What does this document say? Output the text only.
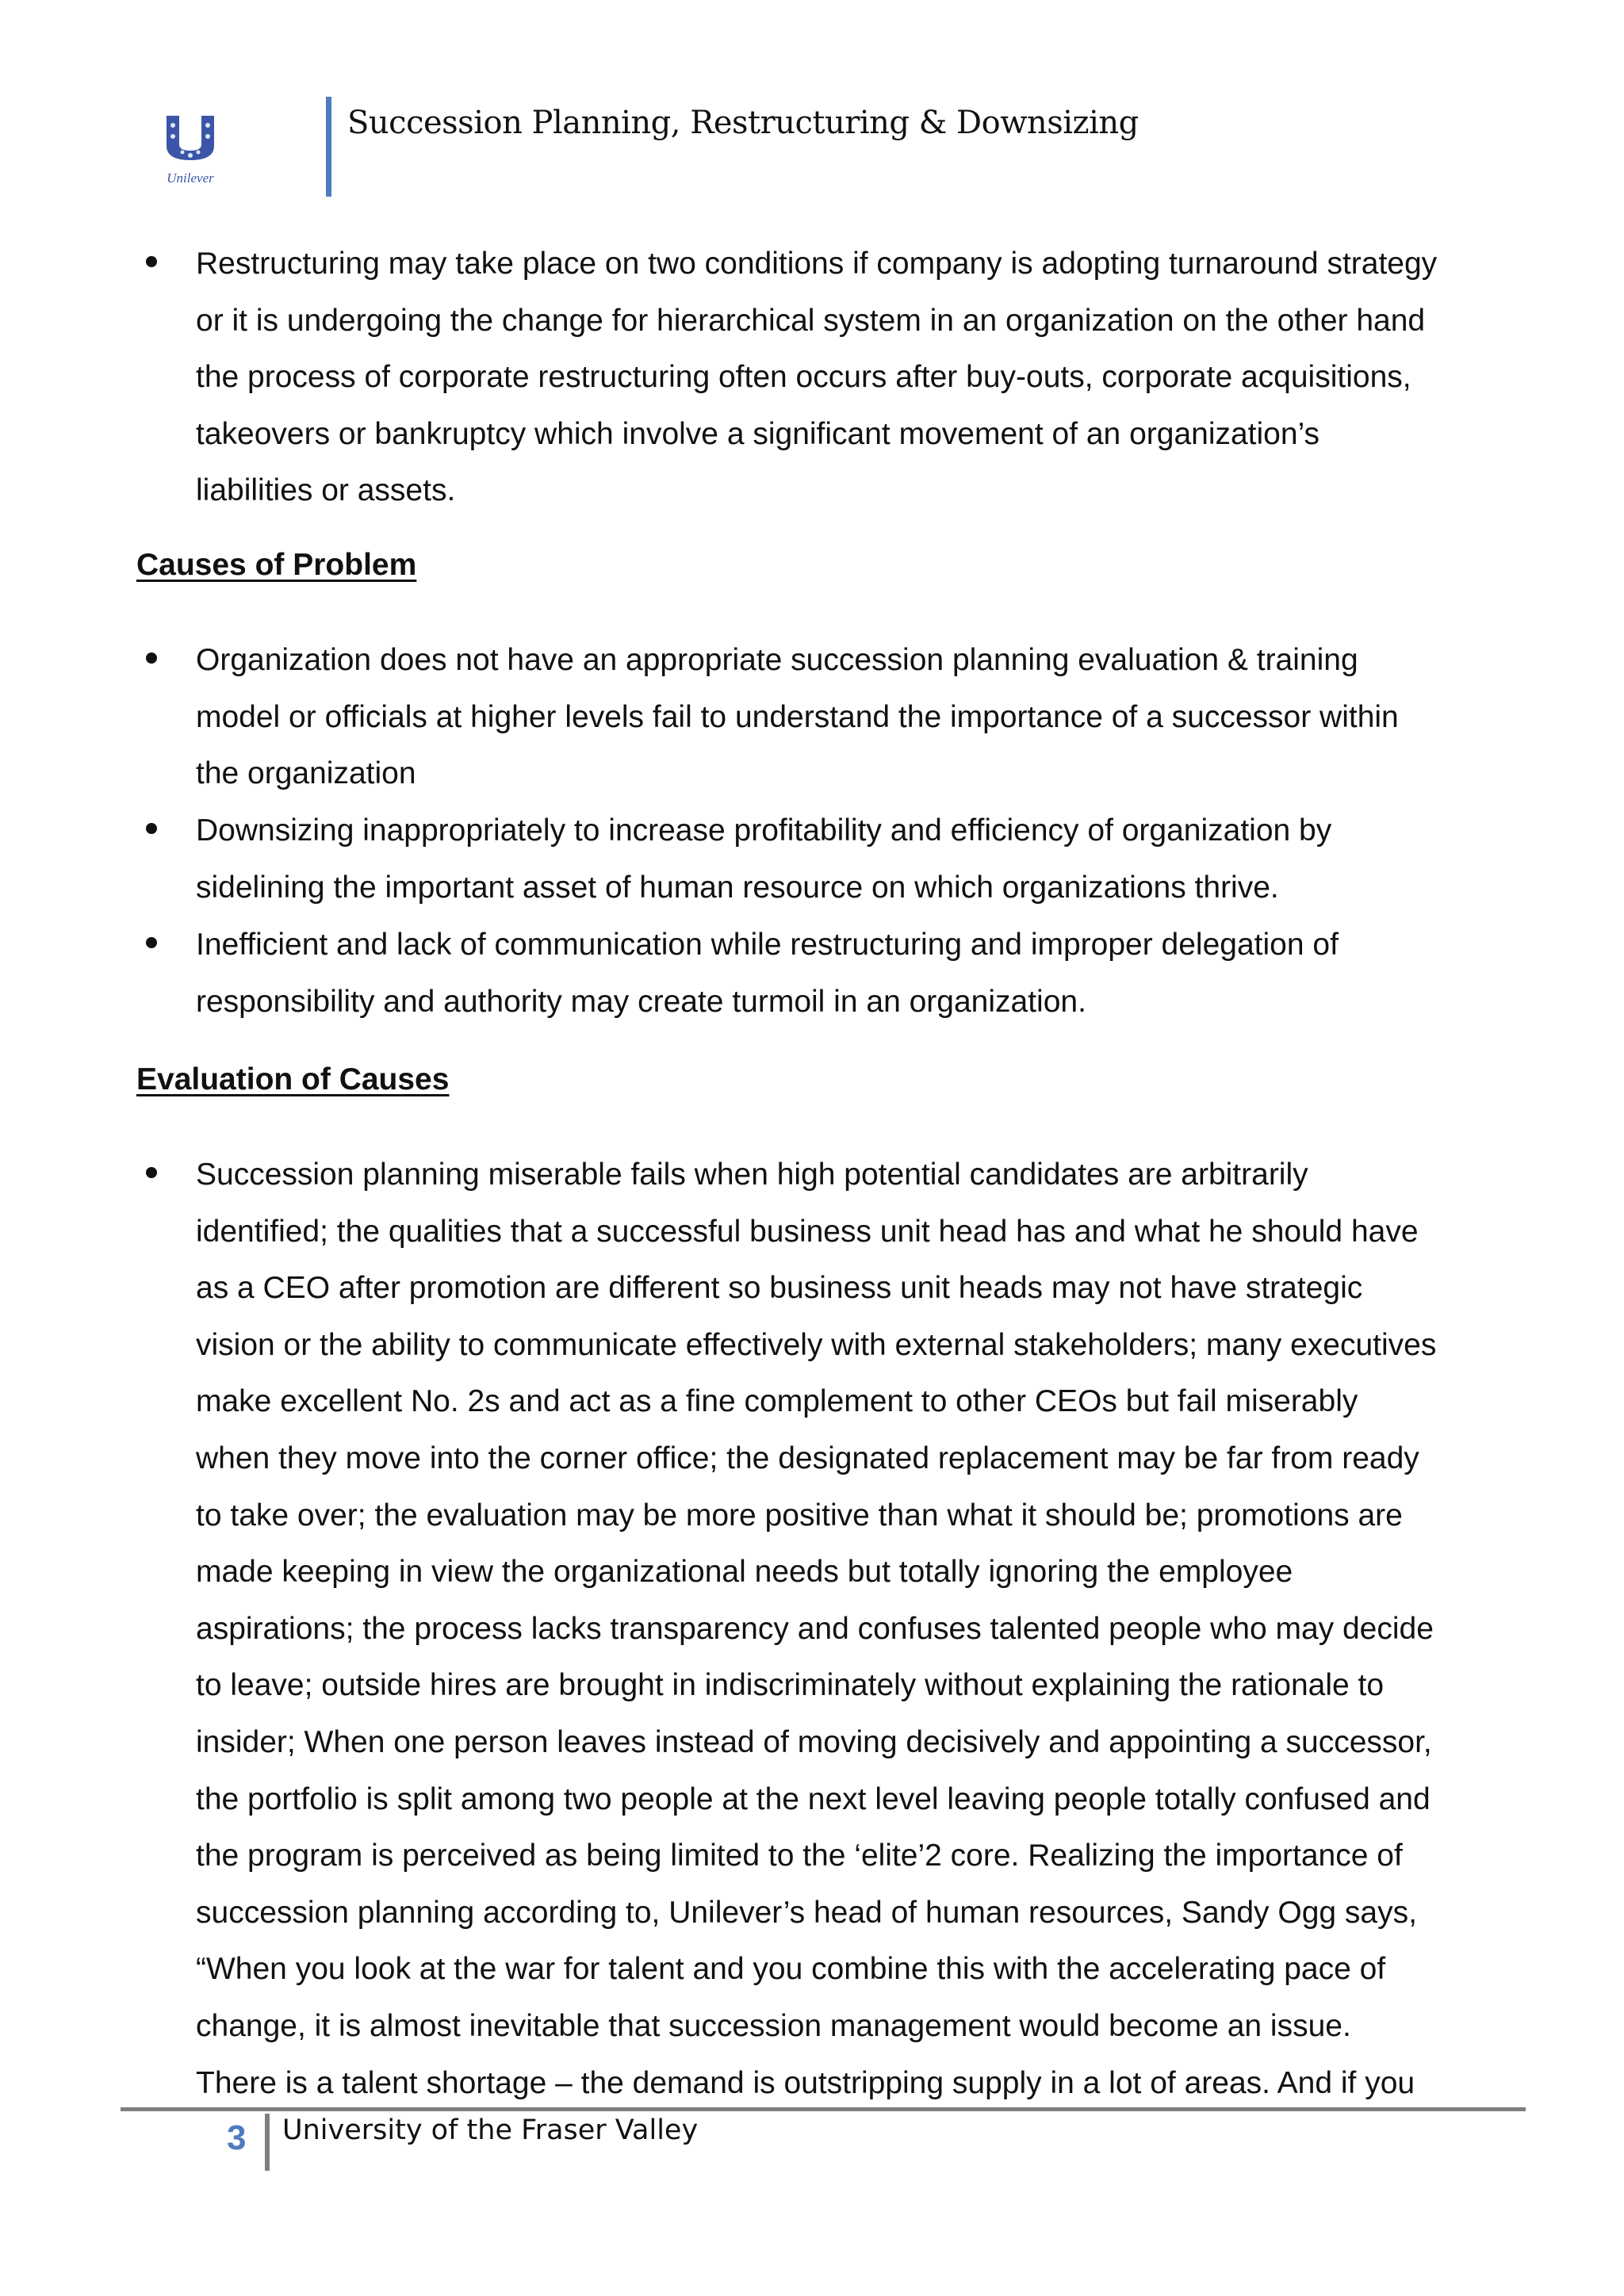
Unilever
Succession Planning, Restructuring & Downsizing
Restructuring may take place on two conditions if company is adopting turnaround strategy
or it is undergoing the change for hierarchical system in an organization on the other hand
the process of corporate restructuring often occurs after buy-outs, corporate acquisitions,
takeovers or bankruptcy which involve a significant movement of an organization’s
liabilities or assets.
Causes of Problem
Organization does not have an appropriate succession planning evaluation & training
model or officials at higher levels fail to understand the importance of a successor within
the organization
Downsizing inappropriately to increase profitability and efficiency of organization by
sidelining the important asset of human resource on which organizations thrive.
Inefficient and lack of communication while restructuring and improper delegation of
responsibility and authority may create turmoil in an organization.
Evaluation of Causes
Succession planning miserable fails when high potential candidates are arbitrarily
identified; the qualities that a successful business unit head has and what he should have
as a CEO after promotion are different so business unit heads may not have strategic
vision or the ability to communicate effectively with external stakeholders; many executives
make excellent No. 2s and act as a fine complement to other CEOs but fail miserably
when they move into the corner office; the designated replacement may be far from ready
to take over; the evaluation may be more positive than what it should be; promotions are
made keeping in view the organizational needs but totally ignoring the employee
aspirations; the process lacks transparency and confuses talented people who may decide
to leave; outside hires are brought in indiscriminately without explaining the rationale to
insider; When one person leaves instead of moving decisively and appointing a successor,
the portfolio is split among two people at the next level leaving people totally confused and
the program is perceived as being limited to the ‘elite’2 core. Realizing the importance of
succession planning according to, Unilever’s head of human resources, Sandy Ogg says,
“When you look at the war for talent and you combine this with the accelerating pace of
change, it is almost inevitable that succession management would become an issue.
There is a talent shortage – the demand is outstripping supply in a lot of areas. And if you
3 University of the Fraser Valley
